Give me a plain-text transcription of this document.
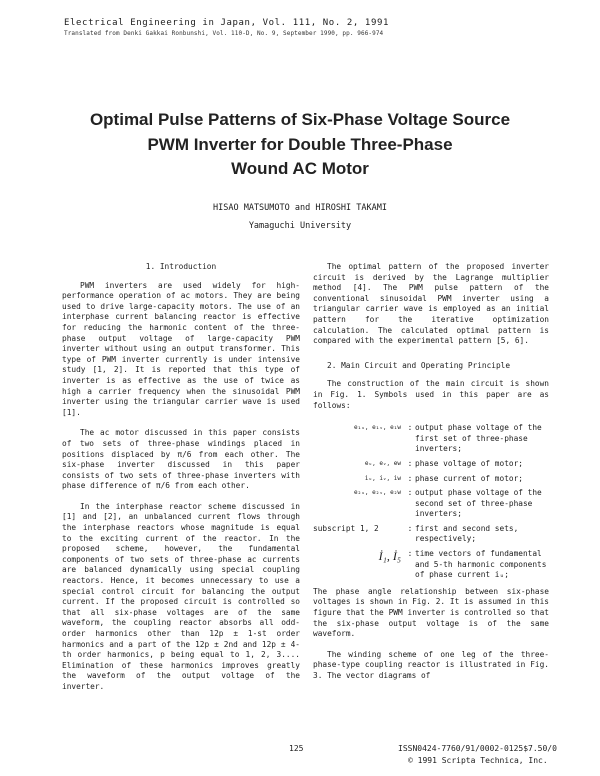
Electrical Engineering in Japan, Vol. 111, No. 2, 1991
Translated from Denki Gakkai Ronbunshi, Vol. 110-D, No. 9, September 1990, pp. 966-974
Optimal Pulse Patterns of Six-Phase Voltage Source
PWM Inverter for Double Three-Phase
Wound AC Motor
HISAO MATSUMOTO and HIROSHI TAKAMI
Yamaguchi University
1. Introduction

PWM inverters are used widely for high-performance operation of ac motors. They are being used to drive large-capacity motors. The use of an interphase current balancing reactor is effective for reducing the harmonic content of the three-phase output voltage of large-capacity PWM inverter without using an output transformer. This type of PWM inverter currently is under intensive study [1, 2]. It is reported that this type of inverter is as effective as the use of twice as high a carrier frequency when the sinusoidal PWM inverter using the triangular carrier wave is used [1].

The ac motor discussed in this paper consists of two sets of three-phase windings placed in positions displaced by π/6 from each other. The six-phase inverter discussed in this paper consists of two sets of three-phase inverters with phase difference of π/6 from each other.

In the interphase reactor scheme discussed in [1] and [2], an unbalanced current flows through the interphase reactors whose magnitude is equal to the exciting current of the reactor. In the proposed scheme, however, the fundamental components of two sets of three-phase ac currents are balanced dynamically using special coupling reactors. Hence, it becomes unnecessary to use a special control circuit for balancing the output current. If the proposed circuit is controlled so that all six-phase voltages are of the same waveform, the coupling reactor absorbs all odd-order harmonics other than 12p ± 1-st order harmonics and a part of the 12p ± 2nd and 12p ± 4-th order harmonics, p being equal to 1, 2, 3.... Elimination of these harmonics improves greatly the waveform of the output voltage of the inverter.

The optimal pattern of the proposed inverter circuit is derived by the Lagrange multiplier method [4]. The PWM pulse pattern of the conventional sinusoidal PWM inverter using a triangular carrier wave is employed as an initial pattern for the iterative optimization calculation. The calculated optimal pattern is compared with the experimental pattern [5, 6].

2. Main Circuit and Operating Principle

The construction of the main circuit is shown in Fig. 1. Symbols used in this paper are as follows:

e₁ᵤ, e₁ᵥ, e₁w : output phase voltage of the first set of three-phase inverters;
eᵤ, eᵥ, ew : phase voltage of motor;
iᵤ, iᵥ, iw : phase current of motor;
e₂ᵤ, e₂ᵥ, e₂w : output phase voltage of the second set of three-phase inverters;
subscript 1, 2	: first and second sets, respectively;
İ₁, İ₅ : time vectors of fundamental and 5-th harmonic components of phase current iᵤ;

The phase angle relationship between six-phase voltages is shown in Fig. 2. It is assumed in this figure that the PWM inverter is controlled so that the six-phase output voltage is of the same waveform.

The winding scheme of one leg of the three-phase-type coupling reactor is illustrated in Fig. 3. The vector diagrams of

125	ISSN0424-7760/91/0002-0125$7.50/0
© 1991 Scripta Technica, Inc.
